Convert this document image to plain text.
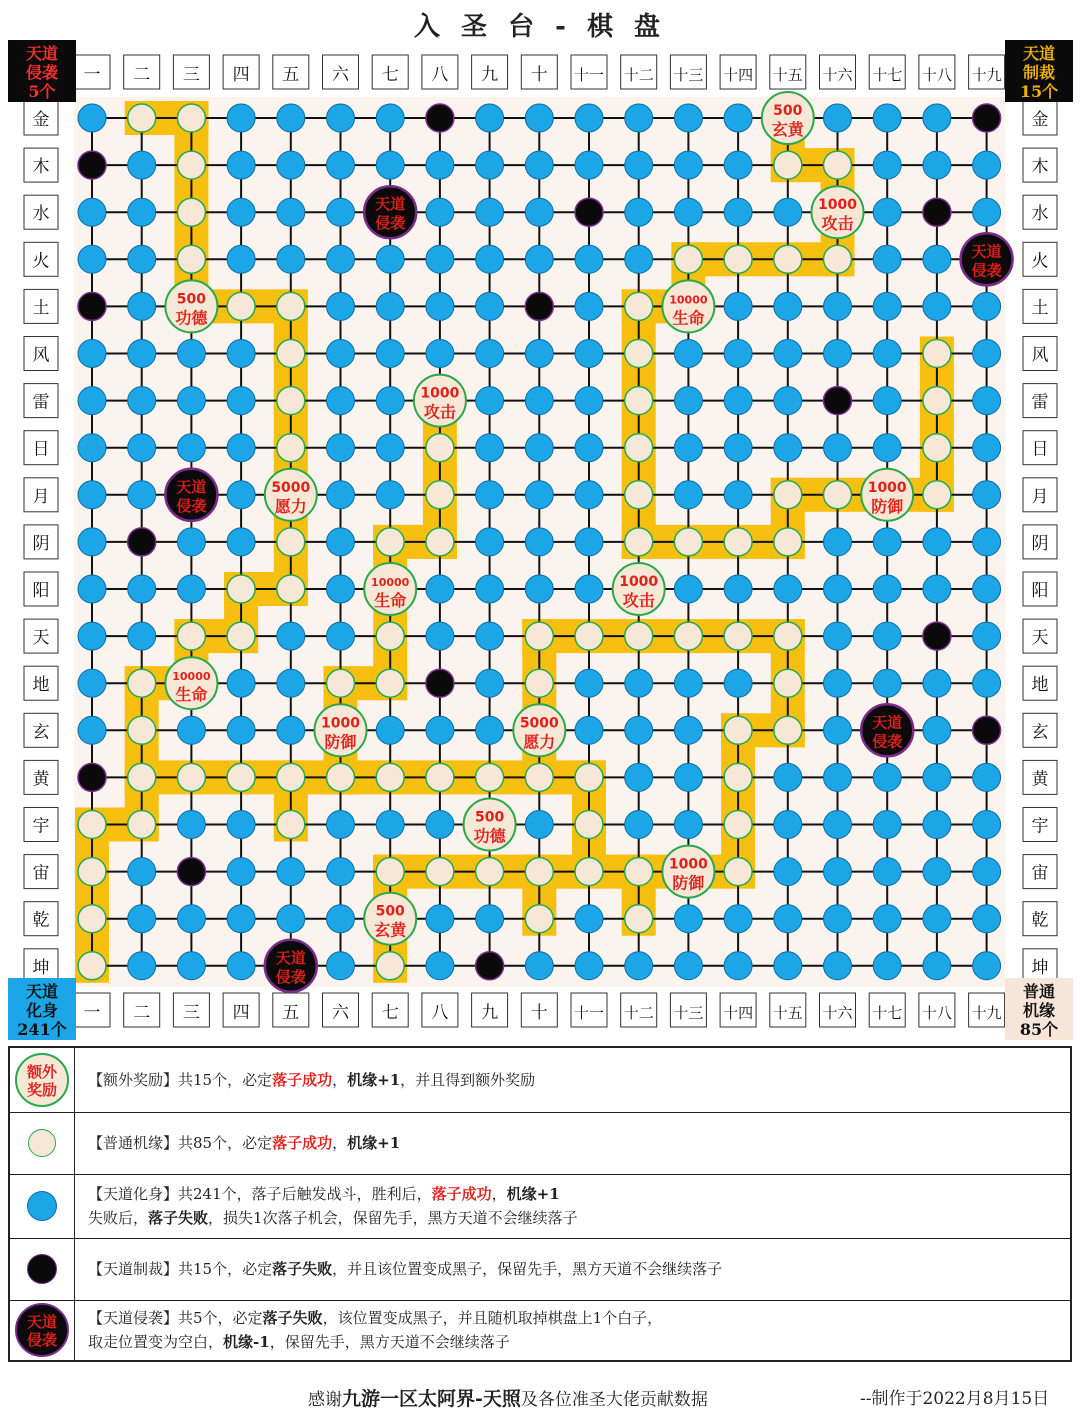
入 圣 台 - 棋 盘
一
一
二
二
三
三
四
四
五
五
六
六
七
七
八
八
九
九
十
十
十一
十一
十二
十二
十三
十三
十四
十四
十五
十五
十六
十六
十七
十七
十八
十八
十九
十九
金	金
木	木
水	水
火	火
土	土
风	风
雷	雷
日	日
月	月
阴	阴
阳	阳
天	天
地	地
玄	玄
黄	黄
宇	宇
宙	宙
乾	乾
坤	坤
500
玄黄
1000
攻击
天道
侵袭
天道
侵袭
500
功德
10000
生命
1000
攻击
天道
侵袭
5000
愿力
1000
防御
10000
生命
1000
攻击
10000
生命
1000
防御
5000
愿力
天道
侵袭
500
功德
1000
防御
500
玄黄
天道
侵袭
天道
侵袭
5个
天道
制裁
15个
天道
化身
241个
普通
机缘
85个
额外
奖励
【额外奖励】共15个，必定落子成功，机缘+1，并且得到额外奖励
【普通机缘】共85个，必定落子成功，机缘+1
【天道化身】共241个，落子后触发战斗，胜利后，落子成功，机缘+1
失败后，落子失败，损失1次落子机会，保留先手，黑方天道不会继续落子
【天道制裁】共15个，必定落子失败，并且该位置变成黑子，保留先手，黑方天道不会继续落子
天道
侵袭
【天道侵袭】共5个，必定落子失败，该位置变成黑子，并且随机取掉棋盘上1个白子，
取走位置变为空白，机缘-1，保留先手，黑方天道不会继续落子
感谢九游一区太阿界-天照及各位准圣大佬贡献数据	--制作于2022月8月15日
